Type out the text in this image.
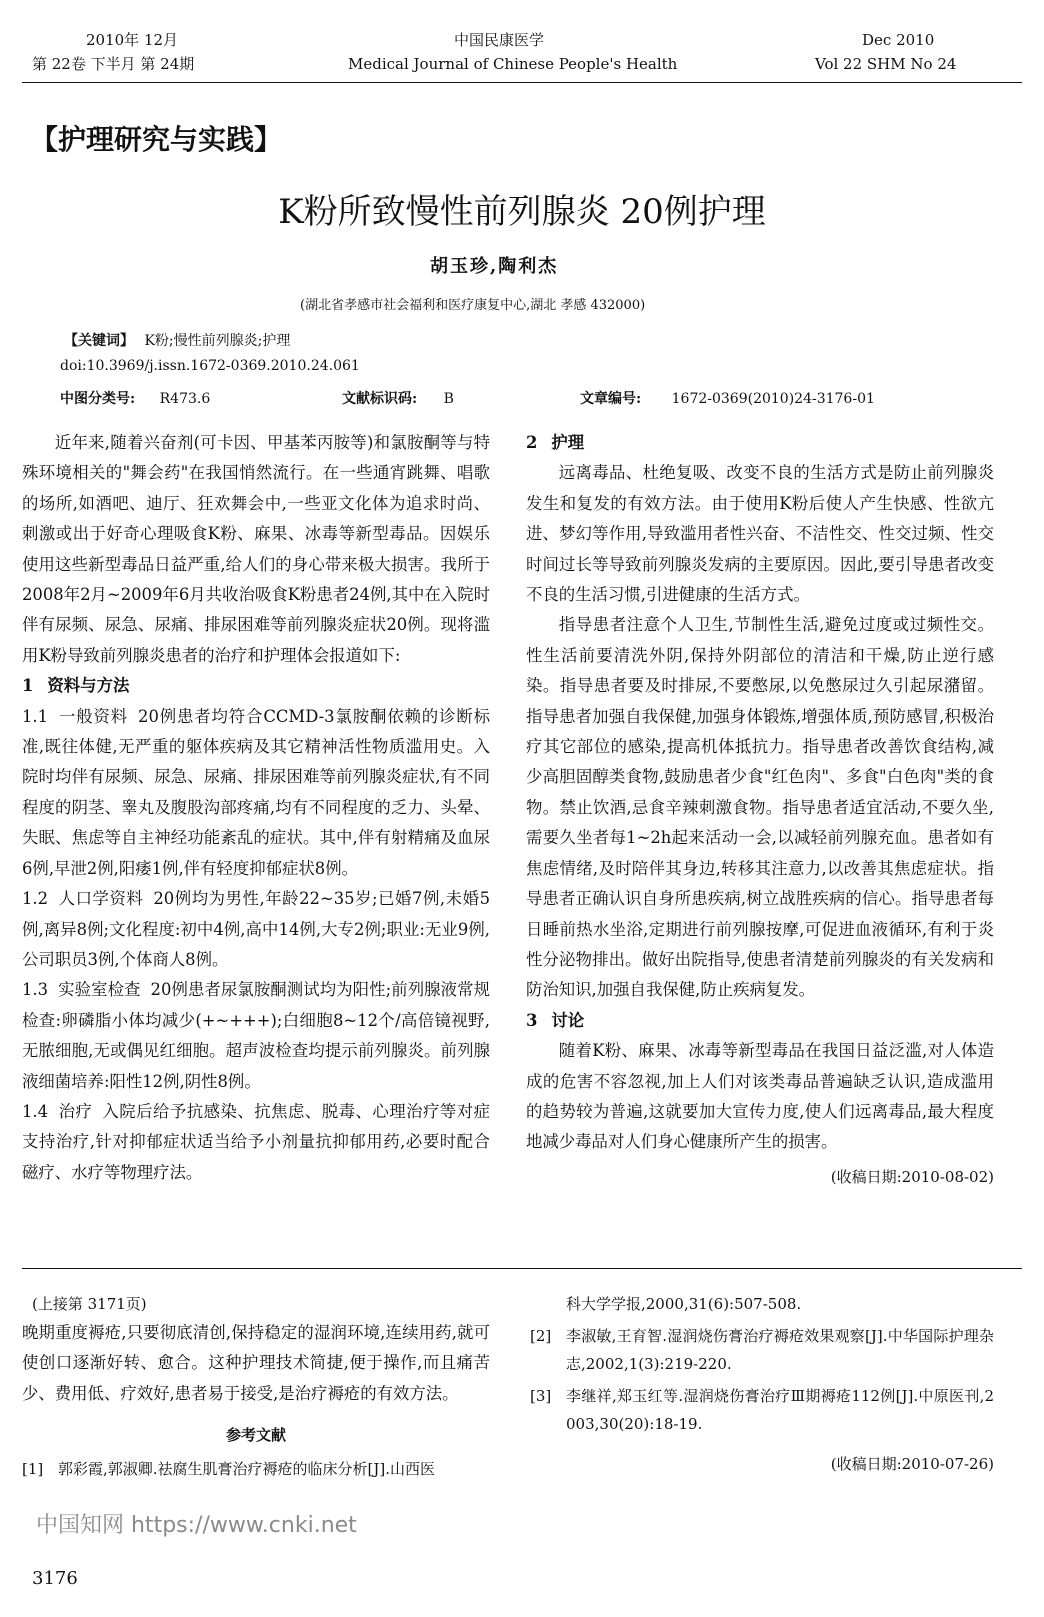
2010年 12月
第 22卷 下半月 第 24期
中国民康医学
Medical Journal of Chinese People's Health
Dec 2010
Vol 22 SHM No 24
【护理研究与实践】
K粉所致慢性前列腺炎 20例护理
胡玉珍,陶利杰
(湖北省孝感市社会福利和医疗康复中心,湖北 孝感 432000)
【关键词】 K粉;慢性前列腺炎;护理
doi:10.3969/j.issn.1672-0369.2010.24.061
中图分类号: R473.6	文献标识码: B	文章编号: 1672-0369(2010)24-3176-01

近年来,随着兴奋剂(可卡因、甲基苯丙胺等)和氯胺酮等与特殊环境相关的"舞会药"在我国悄然流行。在一些通宵跳舞、唱歌的场所,如酒吧、迪厅、狂欢舞会中,一些亚文化体为追求时尚、刺激或出于好奇心理吸食K粉、麻果、冰毒等新型毒品。因娱乐使用这些新型毒品日益严重,给人们的身心带来极大损害。我所于2008年2月~2009年6月共收治吸食K粉患者24例,其中在入院时伴有尿频、尿急、尿痛、排尿困难等前列腺炎症状20例。现将滥用K粉导致前列腺炎患者的治疗和护理体会报道如下:

1 资料与方法
1.1 一般资料 20例患者均符合CCMD-3氯胺酮依赖的诊断标准,既往体健,无严重的躯体疾病及其它精神活性物质滥用史。入院时均伴有尿频、尿急、尿痛、排尿困难等前列腺炎症状,有不同程度的阴茎、睾丸及腹股沟部疼痛,均有不同程度的乏力、头晕、失眠、焦虑等自主神经功能紊乱的症状。其中,伴有射精痛及血尿6例,早泄2例,阳痿1例,伴有轻度抑郁症状8例。
1.2 人口学资料 20例均为男性,年龄22~35岁;已婚7例,未婚5例,离异8例;文化程度:初中4例,高中14例,大专2例;职业:无业9例,公司职员3例,个体商人8例。
1.3 实验室检查 20例患者尿氯胺酮测试均为阳性;前列腺液常规检查:卵磷脂小体均减少(+~+++);白细胞8~12个/高倍镜视野,无脓细胞,无或偶见红细胞。超声波检查均提示前列腺炎。前列腺液细菌培养:阳性12例,阴性8例。
1.4 治疗 入院后给予抗感染、抗焦虑、脱毒、心理治疗等对症支持治疗,针对抑郁症状适当给予小剂量抗抑郁用药,必要时配合磁疗、水疗等物理疗法。
2 护理

远离毒品、杜绝复吸、改变不良的生活方式是防止前列腺炎发生和复发的有效方法。由于使用K粉后使人产生快感、性欲亢进、梦幻等作用,导致滥用者性兴奋、不洁性交、性交过频、性交时间过长等导致前列腺炎发病的主要原因。因此,要引导患者改变不良的生活习惯,引进健康的生活方式。

指导患者注意个人卫生,节制性生活,避免过度或过频性交。性生活前要清洗外阴,保持外阴部位的清洁和干燥,防止逆行感染。指导患者要及时排尿,不要憋尿,以免憋尿过久引起尿潴留。指导患者加强自我保健,加强身体锻炼,增强体质,预防感冒,积极治疗其它部位的感染,提高机体抵抗力。指导患者改善饮食结构,减少高胆固醇类食物,鼓励患者少食"红色肉"、多食"白色肉"类的食物。禁止饮酒,忌食辛辣刺激食物。指导患者适宜活动,不要久坐,需要久坐者每1~2h起来活动一会,以减轻前列腺充血。患者如有焦虑情绪,及时陪伴其身边,转移其注意力,以改善其焦虑症状。指导患者正确认识自身所患疾病,树立战胜疾病的信心。指导患者每日睡前热水坐浴,定期进行前列腺按摩,可促进血液循环,有利于炎性分泌物排出。做好出院指导,使患者清楚前列腺炎的有关发病和防治知识,加强自我保健,防止疾病复发。

3 讨论

随着K粉、麻果、冰毒等新型毒品在我国日益泛滥,对人体造成的危害不容忽视,加上人们对该类毒品普遍缺乏认识,造成滥用的趋势较为普遍,这就要加大宣传力度,使人们远离毒品,最大程度地减少毒品对人们身心健康所产生的损害。

(收稿日期:2010-08-02)
(上接第 3171页)
晚期重度褥疮,只要彻底清创,保持稳定的湿润环境,连续用药,就可使创口逐渐好转、愈合。这种护理技术简捷,便于操作,而且痛苦少、费用低、疗效好,患者易于接受,是治疗褥疮的有效方法。
参考文献
[1] 郭彩霞,郭淑卿.祛腐生肌膏治疗褥疮的临床分析[J].山西医
科大学学报,2000,31(6):507-508.
[2] 李淑敏,王育智.湿润烧伤膏治疗褥疮效果观察[J].中华国际护理杂志,2002,1(3):219-220.
[3] 李继祥,郑玉红等.湿润烧伤膏治疗Ⅲ期褥疮112例[J].中原医刊,2003,30(20):18-19.
(收稿日期:2010-07-26)
中国知网 https://www.cnki.net
3176
